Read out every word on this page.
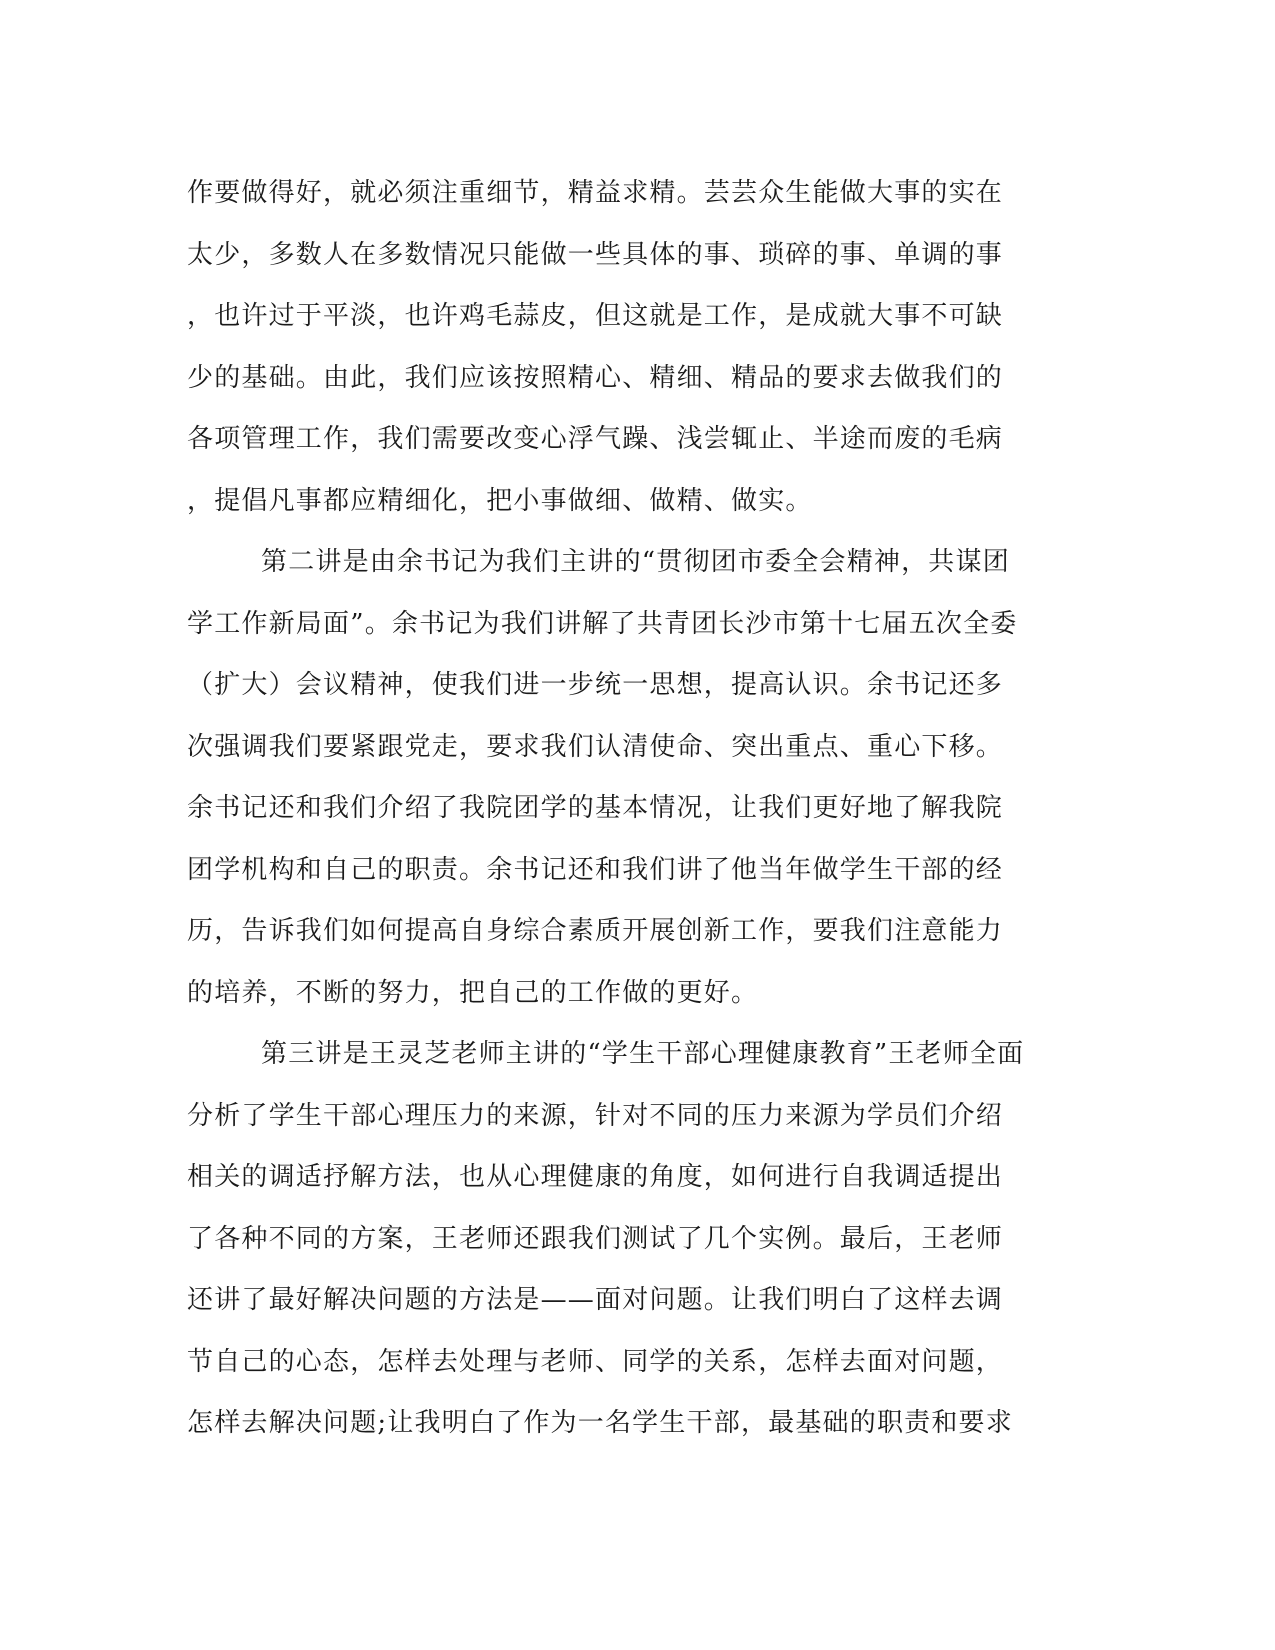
作要做得好，就必须注重细节，精益求精。芸芸众生能做大事的实在
太少，多数人在多数情况只能做一些具体的事、琐碎的事、单调的事
，也许过于平淡，也许鸡毛蒜皮，但这就是工作，是成就大事不可缺
少的基础。由此，我们应该按照精心、精细、精品的要求去做我们的
各项管理工作，我们需要改变心浮气躁、浅尝辄止、半途而废的毛病
，提倡凡事都应精细化，把小事做细、做精、做实。
第二讲是由余书记为我们主讲的“贯彻团市委全会精神，共谋团
学工作新局面”。余书记为我们讲解了共青团长沙市第十七届五次全委
（扩大）会议精神，使我们进一步统一思想，提高认识。余书记还多
次强调我们要紧跟党走，要求我们认清使命、突出重点、重心下移。
余书记还和我们介绍了我院团学的基本情况，让我们更好地了解我院
团学机构和自己的职责。余书记还和我们讲了他当年做学生干部的经
历，告诉我们如何提高自身综合素质开展创新工作，要我们注意能力
的培养，不断的努力，把自己的工作做的更好。
第三讲是王灵芝老师主讲的“学生干部心理健康教育”王老师全面
分析了学生干部心理压力的来源，针对不同的压力来源为学员们介绍
相关的调适抒解方法，也从心理健康的角度，如何进行自我调适提出
了各种不同的方案，王老师还跟我们测试了几个实例。最后，王老师
还讲了最好解决问题的方法是——面对问题。让我们明白了这样去调
节自己的心态，怎样去处理与老师、同学的关系，怎样去面对问题，
怎样去解决问题;让我明白了作为一名学生干部，最基础的职责和要求
